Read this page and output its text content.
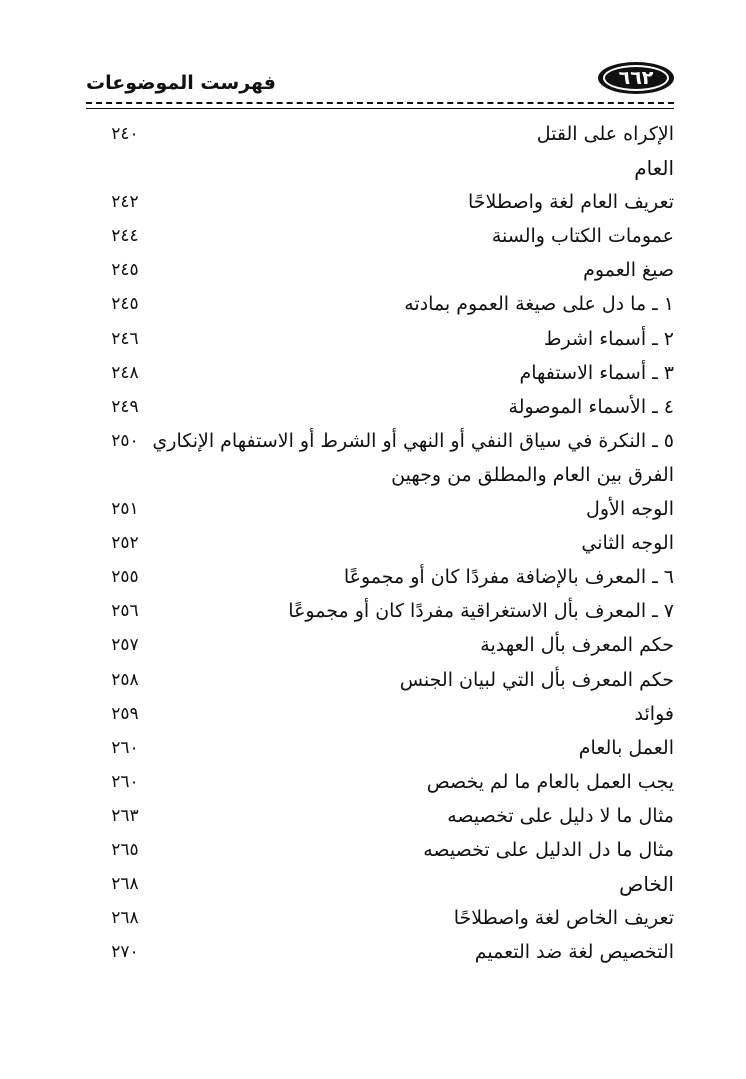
٦٦٢
فهرست الموضوعات
الإكراه على القتل
٢٤٠
العام
تعريف العام لغة واصطلاحًا
٢٤٢
عمومات الكتاب والسنة
٢٤٤
صيغ العموم
٢٤٥
١ ـ ما دل على صيغة العموم بمادته
٢٤٥
٢ ـ أسماء اشرط
٢٤٦
٣ ـ أسماء الاستفهام
٢٤٨
٤ ـ الأسماء الموصولة
٢٤٩
٥ ـ النكرة في سياق النفي أو النهي أو الشرط أو الاستفهام الإنكاري
٢٥٠
الفرق بين العام والمطلق من وجهين
الوجه الأول
٢٥١
الوجه الثاني
٢٥٢
٦ ـ المعرف بالإضافة مفردًا كان أو مجموعًا
٢٥٥
٧ ـ المعرف بأل الاستغراقية مفردًا كان أو مجموعًا
٢٥٦
حكم المعرف بأل العهدية
٢٥٧
حكم المعرف بأل التي لبيان الجنس
٢٥٨
فوائد
٢٥٩
العمل بالعام
٢٦٠
يجب العمل بالعام ما لم يخصص
٢٦٠
مثال ما لا دليل على تخصيصه
٢٦٣
مثال ما دل الدليل على تخصيصه
٢٦٥
الخاص
٢٦٨
تعريف الخاص لغة واصطلاحًا
٢٦٨
التخصيص لغة ضد التعميم
٢٧٠
